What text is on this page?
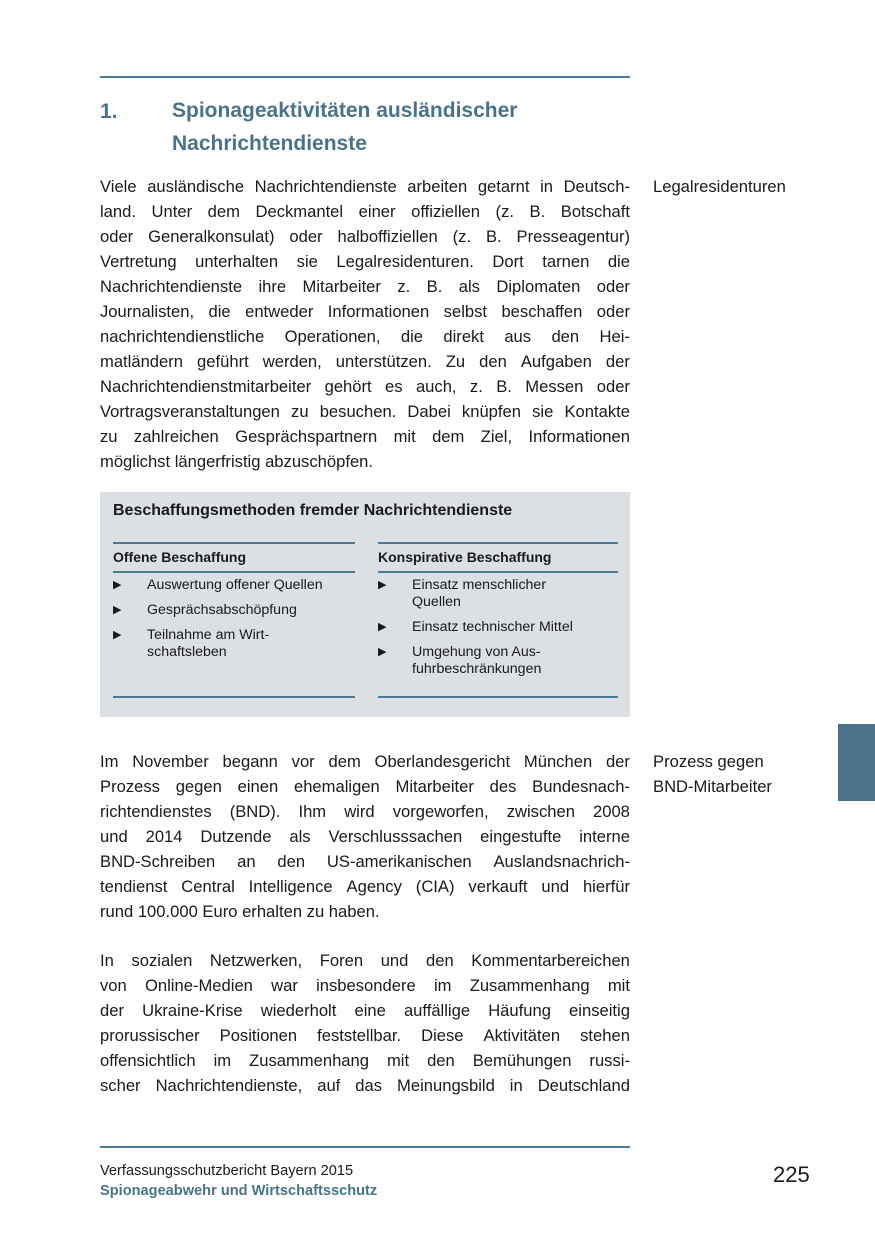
1.	Spionageaktivitäten ausländischer
Nachrichtendienste
Viele ausländische Nachrichtendienste arbeiten getarnt in Deutsch-
land. Unter dem Deckmantel einer offiziellen (z. B. Botschaft
oder Generalkonsulat) oder halboffiziellen (z. B. Presseagentur)
Vertretung unterhalten sie Legalresidenturen. Dort tarnen die
Nachrichtendienste ihre Mitarbeiter z. B. als Diplomaten oder
Journalisten, die entweder Informationen selbst beschaffen oder
nachrichtendienstliche Operationen, die direkt aus den Hei-
matländern geführt werden, unterstützen. Zu den Aufgaben der
Nachrichtendienstmitarbeiter gehört es auch, z. B. Messen oder
Vortragsveranstaltungen zu besuchen. Dabei knüpfen sie Kontakte
zu zahlreichen Gesprächspartnern mit dem Ziel, Informationen
möglichst längerfristig abzuschöpfen.
Legalresidenturen
Beschaffungsmethoden fremder Nachrichtendienste
Offene Beschaffung
▶ Auswertung offener Quellen
▶ Gesprächsabschöpfung
▶ Teilnahme am Wirt-
schaftsleben
Konspirative Beschaffung
▶ Einsatz menschlicher
Quellen
▶ Einsatz technischer Mittel
▶ Umgehung von Aus-
fuhrbeschränkungen
Im November begann vor dem Oberlandesgericht München der
Prozess gegen einen ehemaligen Mitarbeiter des Bundesnach-
richtendienstes (BND). Ihm wird vorgeworfen, zwischen 2008
und 2014 Dutzende als Verschlusssachen eingestufte interne
BND-Schreiben an den US-amerikanischen Auslandsnachrich-
tendienst Central Intelligence Agency (CIA) verkauft und hierfür
rund 100.000 Euro erhalten zu haben.
Prozess gegen
BND-Mitarbeiter
In sozialen Netzwerken, Foren und den Kommentarbereichen
von Online-Medien war insbesondere im Zusammenhang mit
der Ukraine-Krise wiederholt eine auffällige Häufung einseitig
prorussischer Positionen feststellbar. Diese Aktivitäten stehen
offensichtlich im Zusammenhang mit den Bemühungen russi-
scher Nachrichtendienste, auf das Meinungsbild in Deutschland
Verfassungsschutzbericht Bayern 2015
Spionageabwehr und Wirtschaftsschutz
225
